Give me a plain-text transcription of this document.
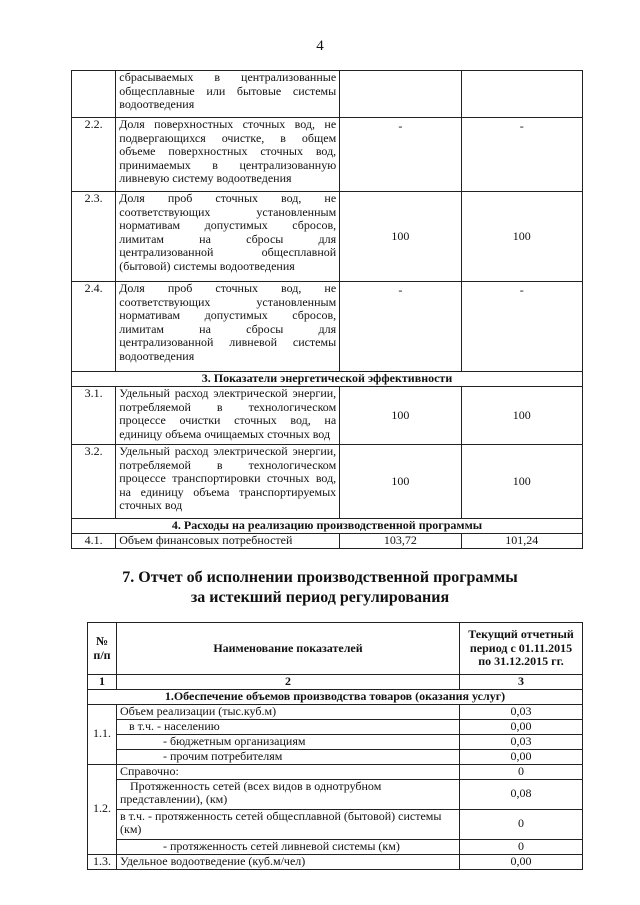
4
	сбрасываемых в централизованные общесплавные или бытовые системы водоотведения		
2.2.	Доля поверхностных сточных вод, не подвергающихся очистке, в общем объеме поверхностных сточных вод, принимаемых в централизованную ливневую систему водоотведения	-	-
2.3.	Доля проб сточных вод, не соответствующих установленным нормативам допустимых сбросов, лимитам на сбросы для централизованной общесплавной (бытовой) системы водоотведения	100	100
2.4.	Доля проб сточных вод, не соответствующих установленным нормативам допустимых сбросов, лимитам на сбросы для централизованной ливневой системы водоотведения	-	-
3. Показатели энергетической эффективности			
3.1.	Удельный расход электрической энергии, потребляемой в технологическом процессе очистки сточных вод, на единицу объема очищаемых сточных вод	100	100
3.2.	Удельный расход электрической энергии, потребляемой в технологическом процессе транспортировки сточных вод, на единицу объема транспортируемых сточных вод	100	100
4. Расходы на реализацию производственной программы			
4.1.	Объем финансовых потребностей	103,72	101,24
7. Отчет об исполнении производственной программы
за истекший период регулирования
№ п/п	Наименование показателей	Текущий отчетный период с 01.11.2015 по 31.12.2015 гг.
1	2	3
1.Обеспечение объемов производства товаров (оказания услуг)		
1.1.	Объем реализации (тыс.куб.м)	0,03
	в т.ч. - населению	0,00
	- бюджетным организациям	0,03
	- прочим потребителям	0,00
1.2.	Справочно:	0
	Протяженность сетей (всех видов в однотрубном представлении), (км)	0,08
	в т.ч. - протяженность сетей общесплавной (бытовой) системы (км)	0
	- протяженность сетей ливневой системы (км)	0
1.3.	Удельное водоотведение (куб.м/чел)	0,00
